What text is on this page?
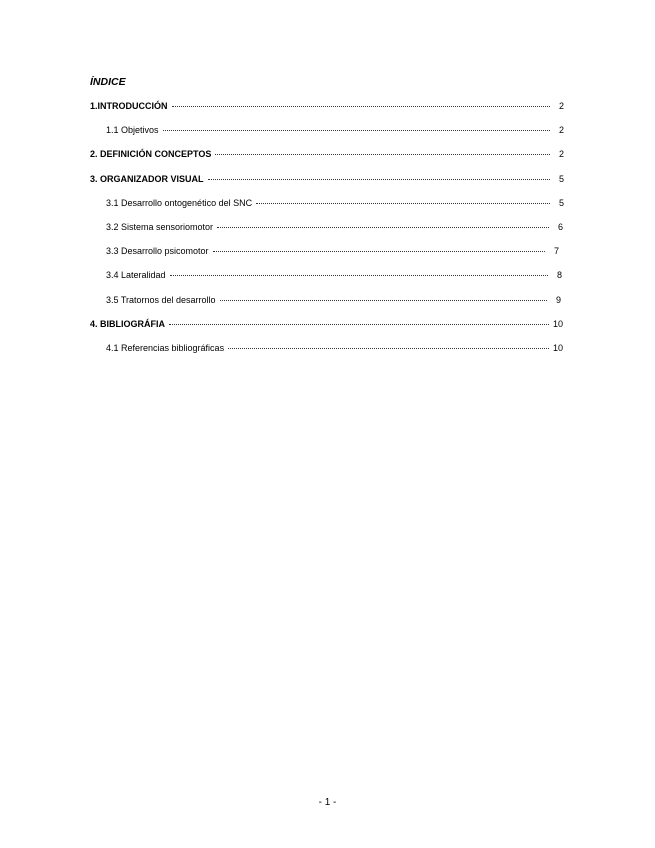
ÍNDICE
1.INTRODUCCIÓN	2
1.1 Objetivos	2
2. DEFINICIÓN CONCEPTOS	2
3. ORGANIZADOR VISUAL	5
3.1 Desarrollo ontogenético del SNC	5
3.2 Sistema sensoriomotor	6
3.3 Desarrollo psicomotor	7
3.4 Lateralidad	8
3.5 Tratornos del desarrollo	9
4. BIBLIOGRÁFIA	10
4.1 Referencias bibliográficas	10
- 1 -
